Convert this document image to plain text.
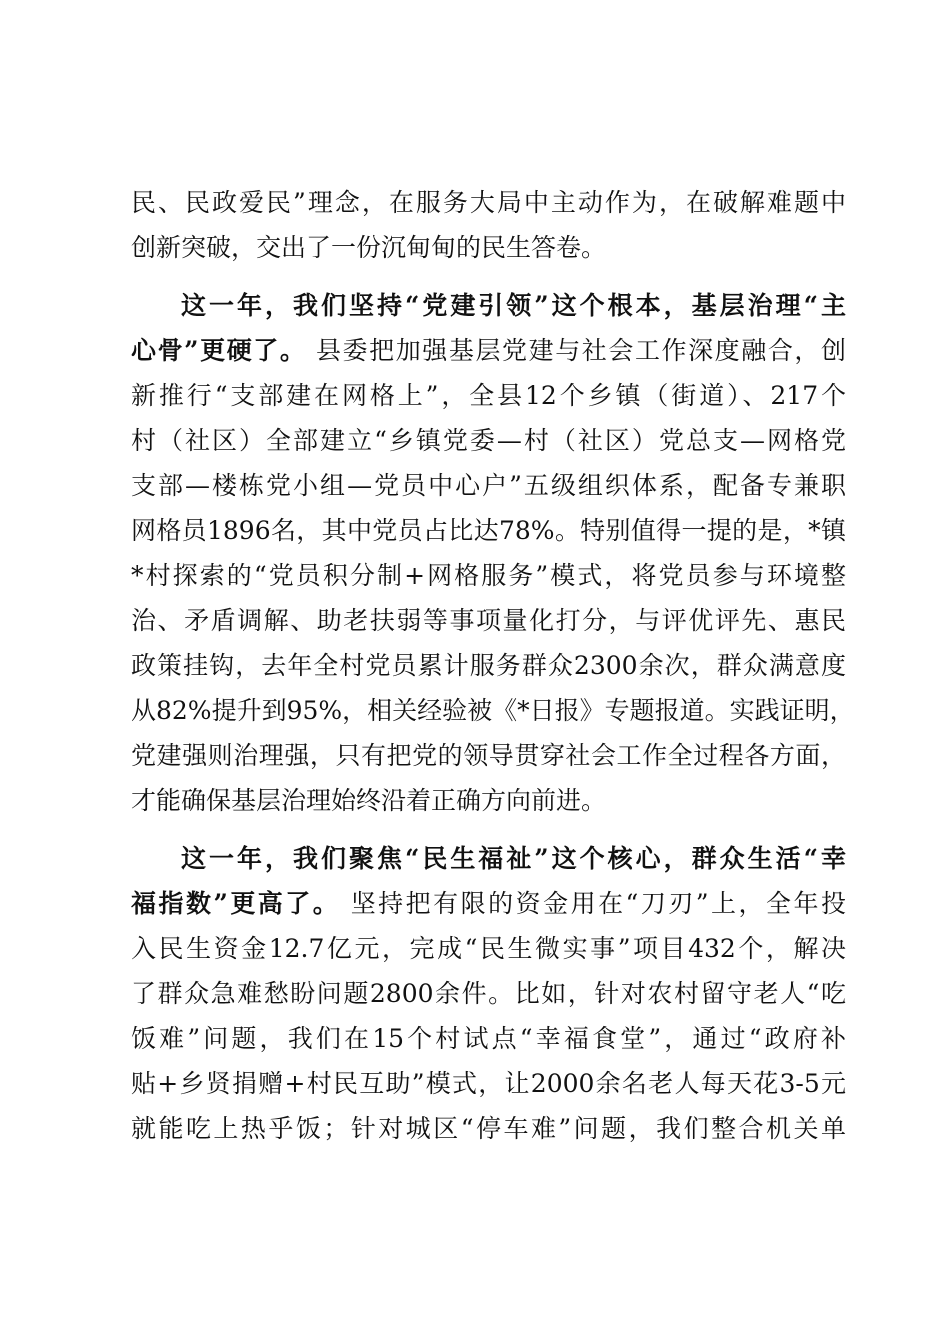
民、民政爱民”理念，在服务大局中主动作为，在破解难题中
创新突破，交出了一份沉甸甸的民生答卷。
这一年，我们坚持“党建引领”这个根本，基层治理“主
心骨”更硬了。 县委把加强基层党建与社会工作深度融合，创
新推行“支部建在网格上”，全县12个乡镇（街道）、217个
村（社区）全部建立“乡镇党委—村（社区）党总支—网格党
支部—楼栋党小组—党员中心户”五级组织体系，配备专兼职
网格员1896名，其中党员占比达78%。特别值得一提的是，*镇
*村探索的“党员积分制+网格服务”模式，将党员参与环境整
治、矛盾调解、助老扶弱等事项量化打分，与评优评先、惠民
政策挂钩，去年全村党员累计服务群众2300余次，群众满意度
从82%提升到95%，相关经验被《*日报》专题报道。实践证明，
党建强则治理强，只有把党的领导贯穿社会工作全过程各方面，
才能确保基层治理始终沿着正确方向前进。
这一年，我们聚焦“民生福祉”这个核心，群众生活“幸
福指数”更高了。 坚持把有限的资金用在“刀刃”上，全年投
入民生资金12.7亿元，完成“民生微实事”项目432个，解决
了群众急难愁盼问题2800余件。比如，针对农村留守老人“吃
饭难”问题，我们在15个村试点“幸福食堂”，通过“政府补
贴+乡贤捐赠+村民互助”模式，让2000余名老人每天花3-5元
就能吃上热乎饭；针对城区“停车难”问题，我们整合机关单
